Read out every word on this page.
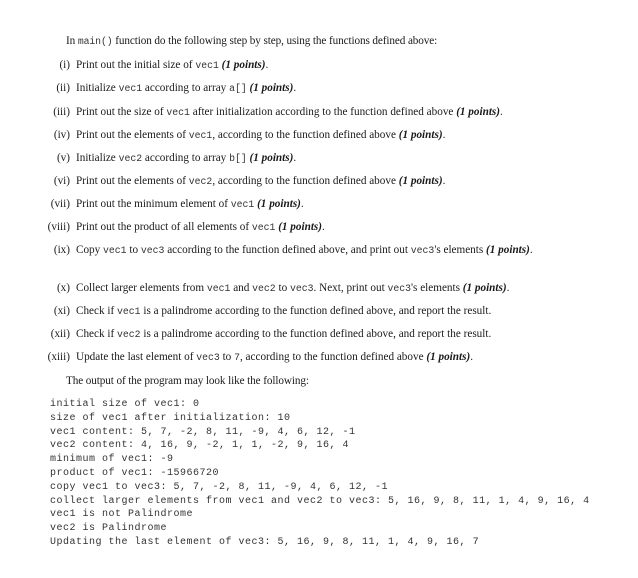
In main() function do the following step by step, using the functions defined above:
(i) Print out the initial size of vec1 (1 points).
(ii) Initialize vec1 according to array a[] (1 points).
(iii) Print out the size of vec1 after initialization according to the function defined above (1 points).
(iv) Print out the elements of vec1, according to the function defined above (1 points).
(v) Initialize vec2 according to array b[] (1 points).
(vi) Print out the elements of vec2, according to the function defined above (1 points).
(vii) Print out the minimum element of vec1 (1 points).
(viii) Print out the product of all elements of vec1 (1 points).
(ix) Copy vec1 to vec3 according to the function defined above, and print out vec3's elements (1 points).
(x) Collect larger elements from vec1 and vec2 to vec3. Next, print out vec3's elements (1 points).
(xi) Check if vec1 is a palindrome according to the function defined above, and report the result.
(xii) Check if vec2 is a palindrome according to the function defined above, and report the result.
(xiii) Update the last element of vec3 to 7, according to the function defined above (1 points).
The output of the program may look like the following:
initial size of vec1: 0
size of vec1 after initialization: 10
vec1 content: 5, 7, -2, 8, 11, -9, 4, 6, 12, -1
vec2 content: 4, 16, 9, -2, 1, 1, -2, 9, 16, 4
minimum of vec1: -9
product of vec1: -15966720
copy vec1 to vec3: 5, 7, -2, 8, 11, -9, 4, 6, 12, -1
collect larger elements from vec1 and vec2 to vec3: 5, 16, 9, 8, 11, 1, 4, 9, 16, 4
vec1 is not Palindrome
vec2 is Palindrome
Updating the last element of vec3: 5, 16, 9, 8, 11, 1, 4, 9, 16, 7
